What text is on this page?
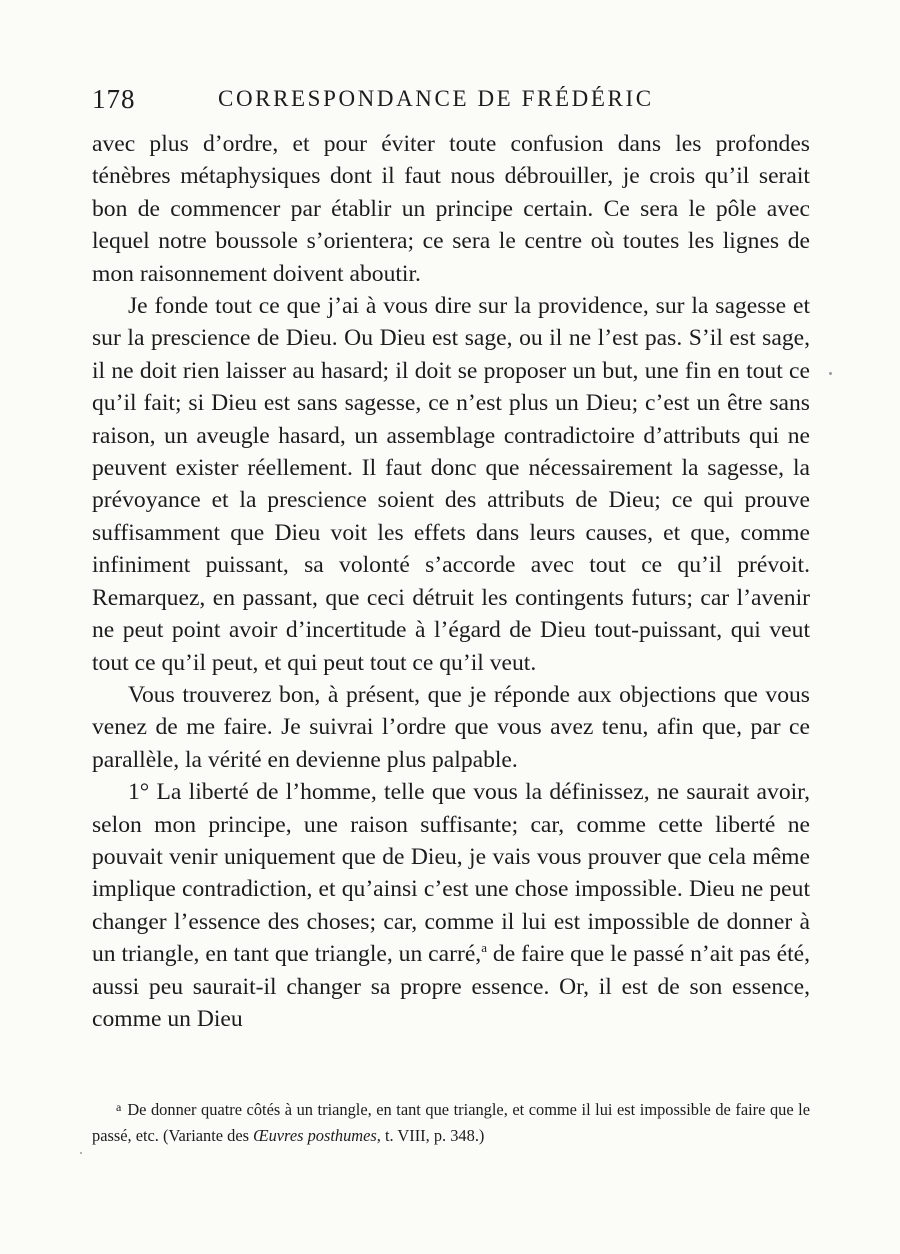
178	CORRESPONDANCE DE FRÉDÉRIC

avec plus d’ordre, et pour éviter toute confusion dans les profondes ténèbres métaphysiques dont il faut nous débrouiller, je crois qu’il serait bon de commencer par établir un principe certain. Ce sera le pôle avec lequel notre boussole s’orientera; ce sera le centre où toutes les lignes de mon raisonnement doivent aboutir.

Je fonde tout ce que j’ai à vous dire sur la providence, sur la sagesse et sur la prescience de Dieu. Ou Dieu est sage, ou il ne l’est pas. S’il est sage, il ne doit rien laisser au hasard; il doit se proposer un but, une fin en tout ce qu’il fait; si Dieu est sans sagesse, ce n’est plus un Dieu; c’est un être sans raison, un aveugle hasard, un assemblage contradictoire d’attributs qui ne peuvent exister réellement. Il faut donc que nécessairement la sagesse, la prévoyance et la prescience soient des attributs de Dieu; ce qui prouve suffisamment que Dieu voit les effets dans leurs causes, et que, comme infiniment puissant, sa volonté s’accorde avec tout ce qu’il prévoit. Remarquez, en passant, que ceci détruit les contingents futurs; car l’avenir ne peut point avoir d’incertitude à l’égard de Dieu tout-puissant, qui veut tout ce qu’il peut, et qui peut tout ce qu’il veut.

Vous trouverez bon, à présent, que je réponde aux objections que vous venez de me faire. Je suivrai l’ordre que vous avez tenu, afin que, par ce parallèle, la vérité en devienne plus palpable.

1° La liberté de l’homme, telle que vous la définissez, ne saurait avoir, selon mon principe, une raison suffisante; car, comme cette liberté ne pouvait venir uniquement que de Dieu, je vais vous prouver que cela même implique contradiction, et qu’ainsi c’est une chose impossible. Dieu ne peut changer l’essence des choses; car, comme il lui est impossible de donner à un triangle, en tant que triangle, un carré,$^a$ de faire que le passé n’ait pas été, aussi peu saurait-il changer sa propre essence. Or, il est de son essence, comme un Dieu

$^a$ De donner quatre côtés à un triangle, en tant que triangle, et comme il lui est impossible de faire que le passé, etc. (Variante des Œuvres posthumes, t. VIII, p. 348.)
